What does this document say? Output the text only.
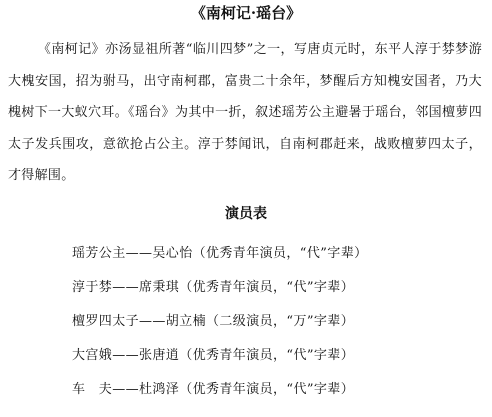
《南柯记·瑶台》

《南柯记》亦汤显祖所著“临川四梦”之一，写唐贞元时，东平人淳于棼梦游大槐安国，招为驸马，出守南柯郡，富贵二十余年，梦醒后方知槐安国者，乃大槐树下一大蚁穴耳。《瑶台》为其中一折，叙述瑶芳公主避暑于瑶台，邻国檀萝四太子发兵围攻，意欲抢占公主。淳于棼闻讯，自南柯郡赶来，战败檀萝四太子，才得解围。

演员表
瑶芳公主——吴心怡（优秀青年演员，“代”字辈）
淳于棼——席秉琪（优秀青年演员，“代”字辈）
檀罗四太子——胡立楠（二级演员，“万”字辈）
大宫娥——张唐逍（优秀青年演员，“代”字辈）
车　夫——杜鸿泽（优秀青年演员，“代”字辈）
